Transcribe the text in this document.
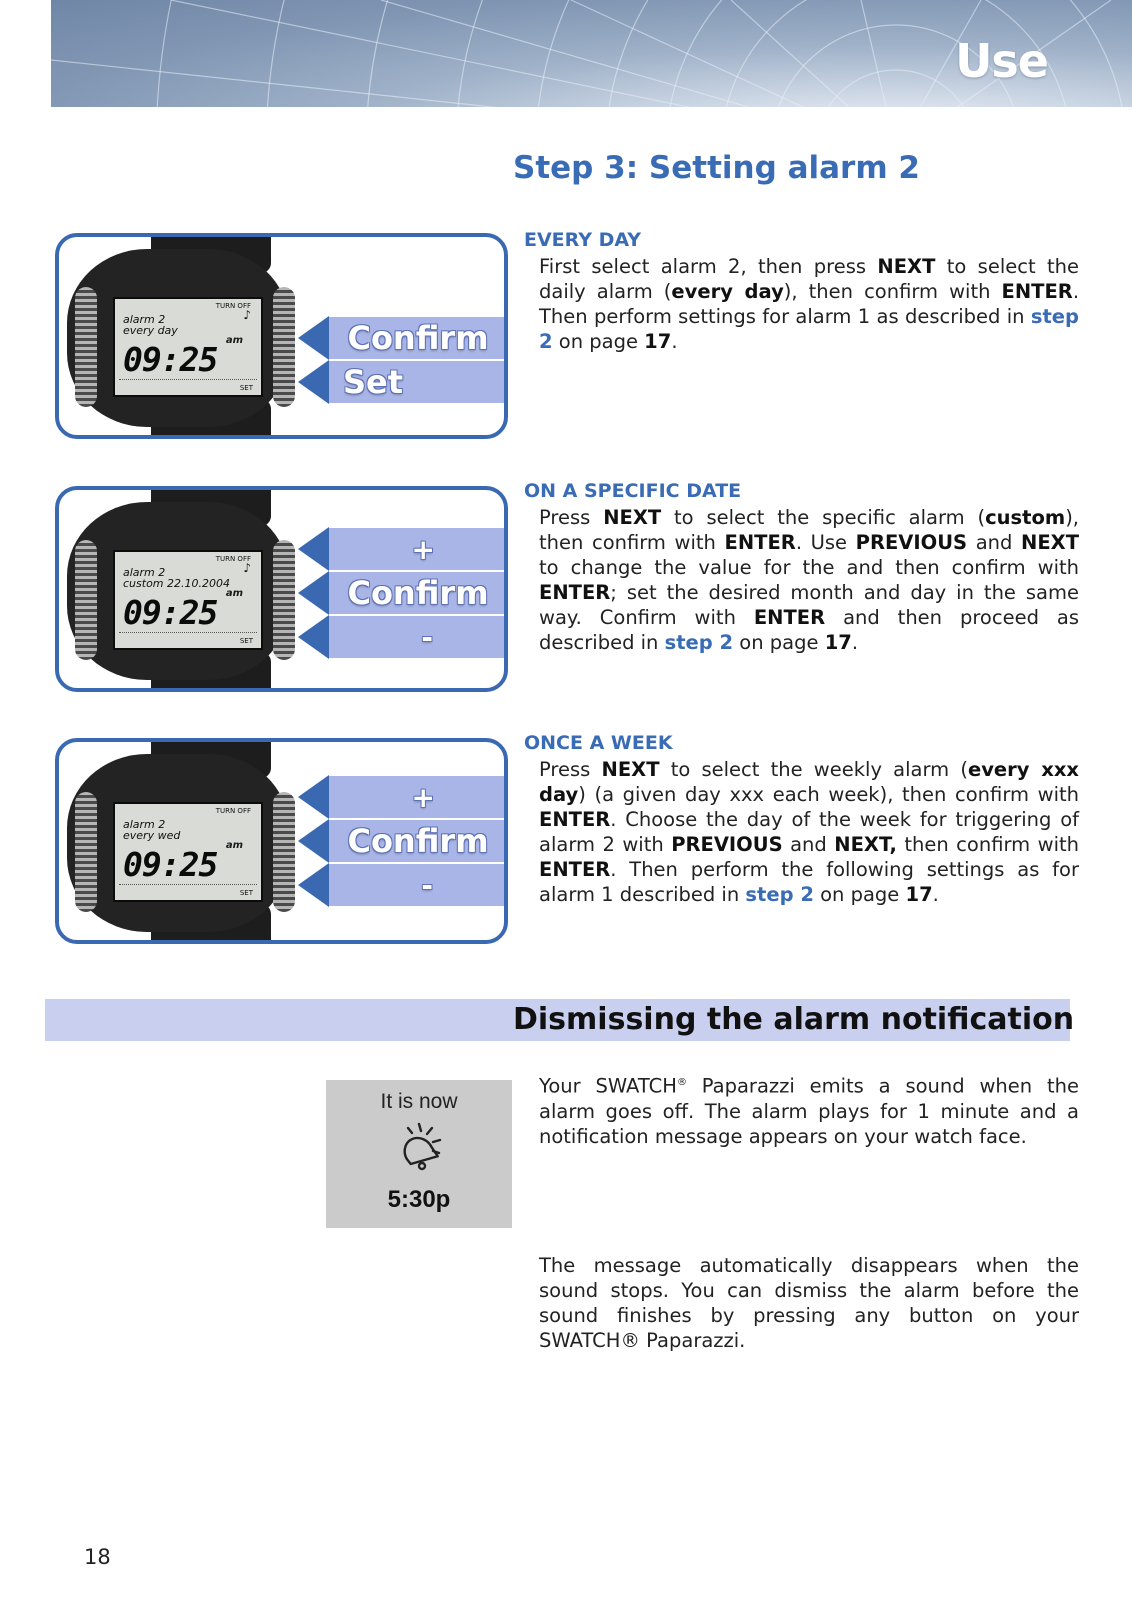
Use
Step 3: Setting alarm 2
TURN OFF
♪
alarm 2
every day
am
09:25
SET
Confirm
Set
EVERY DAY

First select alarm 2, then press NEXT to select the daily alarm (every day), then confirm with ENTER. Then perform settings for alarm 1 as described in step 2 on page 17.

TURN OFF
♪
alarm 2
custom 22.10.2004
am
09:25
SET
+
Confirm
-
ON A SPECIFIC DATE

Press NEXT to select the specific alarm (custom), then confirm with ENTER. Use PREVIOUS and NEXT to change the value for the and then confirm with ENTER; set the desired month and day in the same way. Confirm with ENTER and then proceed as described in step 2 on page 17.

TURN OFF
alarm 2
every wed
am
09:25
SET
+
Confirm
-
ONCE A WEEK

Press NEXT to select the weekly alarm (every xxx day) (a given day xxx each week), then confirm with ENTER. Choose the day of the week for triggering of alarm 2 with PREVIOUS and NEXT, then confirm with ENTER. Then perform the following settings as for alarm 1 described in step 2 on page 17.

Dismissing the alarm notification
It is now
5:30p

Your SWATCH® Paparazzi emits a sound when the alarm goes off. The alarm plays for 1 minute and a notification message appears on your watch face.

The message automatically disappears when the sound stops. You can dismiss the alarm before the sound finishes by pressing any button on your SWATCH® Paparazzi.

18
